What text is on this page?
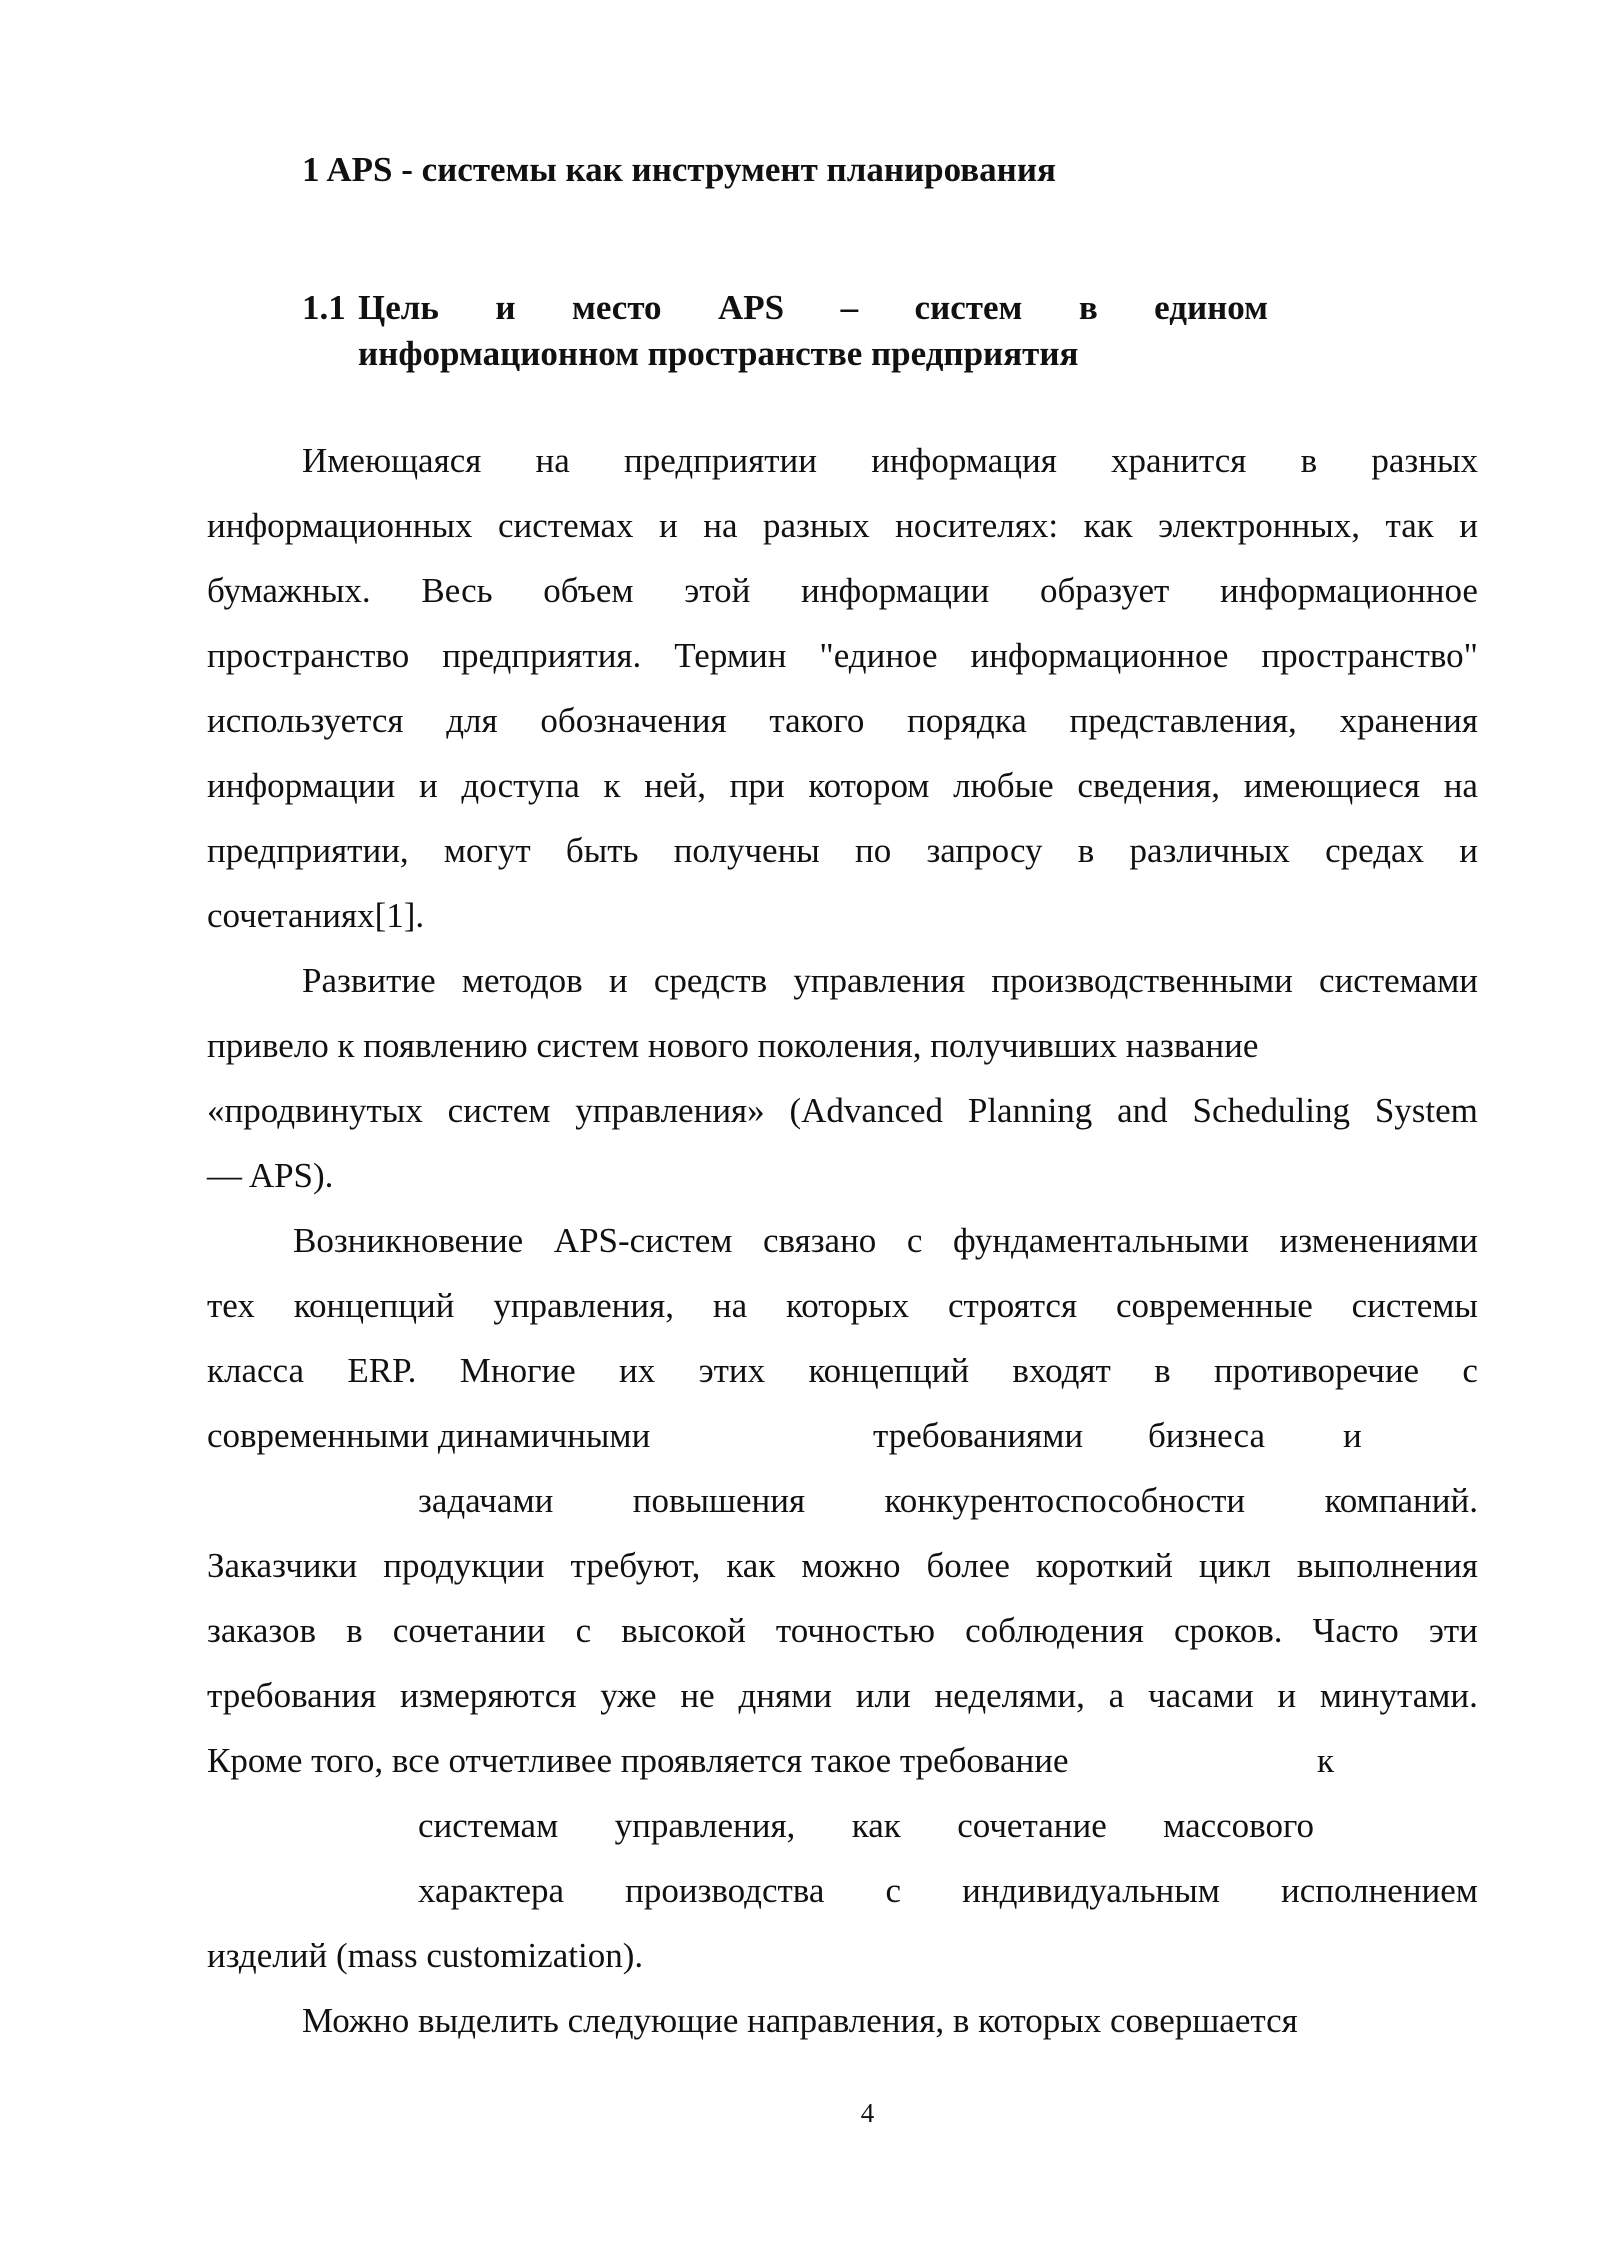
1 APS - системы как инструмент планирования
1.1 Цель и место APS – систем в едином
информационном пространстве предприятия
Имеющаяся на предприятии информация хранится в разных
информационных системах и на разных носителях: как электронных, так и
бумажных. Весь объем этой информации образует информационное
пространство предприятия. Термин "единое информационное пространство"
используется для обозначения такого порядка представления, хранения
информации и доступа к ней, при котором любые сведения, имеющиеся на
предприятии, могут быть получены по запросу в различных средах и
сочетаниях[1].
Развитие методов и средств управления производственными системами
привело к появлению систем нового поколения, получивших название
«продвинутых систем управления» (Advanced Planning and Scheduling System
— APS).
Возникновение APS-систем связано с фундаментальными изменениями
тех концепций управления, на которых строятся современные системы
класса ERP. Многие их этих концепций входят в противоречие с
современными динамичными	требованиями бизнеса и
задачами повышения конкурентоспособности компаний.
Заказчики продукции требуют, как можно более короткий цикл выполнения
заказов в сочетании с высокой точностью соблюдения сроков. Часто эти
требования измеряются уже не днями или неделями, а часами и минутами.
Кроме того, все отчетливее проявляется такое требование	к
системам управления, как сочетание массового
характера производства с индивидуальным исполнением
изделий (mass customization).
Можно выделить следующие направления, в которых совершается
4
